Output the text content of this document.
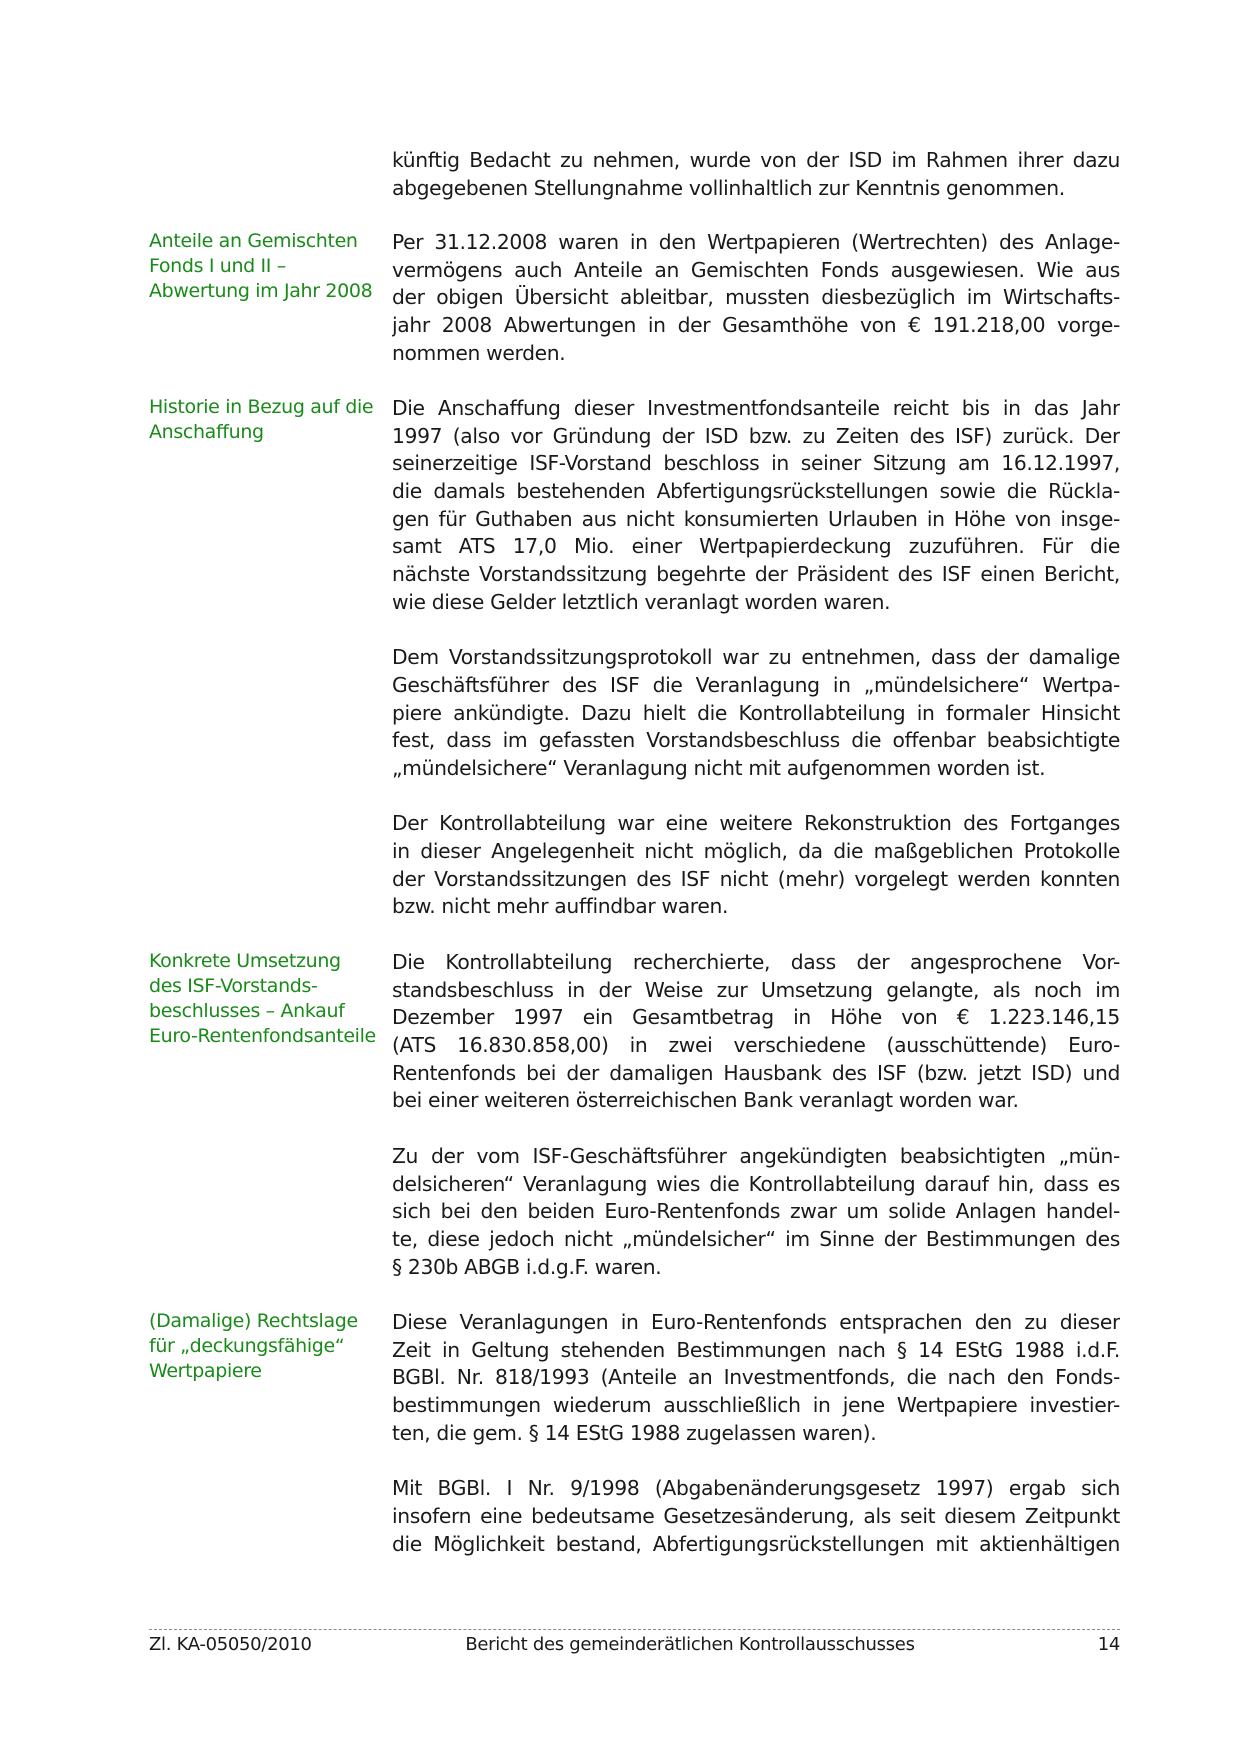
künftig Bedacht zu nehmen, wurde von der ISD im Rahmen ihrer dazu
abgegebenen Stellungnahme vollinhaltlich zur Kenntnis genommen.

Anteile an Gemischten
Fonds I und II –
Abwertung im Jahr 2008

Per 31.12.2008 waren in den Wertpapieren (Wertrechten) des Anlage-
vermögens auch Anteile an Gemischten Fonds ausgewiesen. Wie aus
der obigen Übersicht ableitbar, mussten diesbezüglich im Wirtschafts-
jahr 2008 Abwertungen in der Gesamthöhe von € 191.218,00 vorge-
nommen werden.

Historie in Bezug auf die
Anschaffung

Die Anschaffung dieser Investmentfondsanteile reicht bis in das Jahr
1997 (also vor Gründung der ISD bzw. zu Zeiten des ISF) zurück. Der
seinerzeitige ISF-Vorstand beschloss in seiner Sitzung am 16.12.1997,
die damals bestehenden Abfertigungsrückstellungen sowie die Rückla-
gen für Guthaben aus nicht konsumierten Urlauben in Höhe von insge-
samt ATS 17,0 Mio. einer Wertpapierdeckung zuzuführen. Für die
nächste Vorstandssitzung begehrte der Präsident des ISF einen Bericht,
wie diese Gelder letztlich veranlagt worden waren.

Dem Vorstandssitzungsprotokoll war zu entnehmen, dass der damalige
Geschäftsführer des ISF die Veranlagung in „mündelsichere“ Wertpa-
piere ankündigte. Dazu hielt die Kontrollabteilung in formaler Hinsicht
fest, dass im gefassten Vorstandsbeschluss die offenbar beabsichtigte
„mündelsichere“ Veranlagung nicht mit aufgenommen worden ist.

Der Kontrollabteilung war eine weitere Rekonstruktion des Fortganges
in dieser Angelegenheit nicht möglich, da die maßgeblichen Protokolle
der Vorstandssitzungen des ISF nicht (mehr) vorgelegt werden konnten
bzw. nicht mehr auffindbar waren.

Konkrete Umsetzung
des ISF-Vorstands-
beschlusses – Ankauf
Euro-Rentenfondsanteile

Die Kontrollabteilung recherchierte, dass der angesprochene Vor-
standsbeschluss in der Weise zur Umsetzung gelangte, als noch im
Dezember 1997 ein Gesamtbetrag in Höhe von € 1.223.146,15
(ATS 16.830.858,00) in zwei verschiedene (ausschüttende) Euro-
Rentenfonds bei der damaligen Hausbank des ISF (bzw. jetzt ISD) und
bei einer weiteren österreichischen Bank veranlagt worden war.

Zu der vom ISF-Geschäftsführer angekündigten beabsichtigten „mün-
delsicheren“ Veranlagung wies die Kontrollabteilung darauf hin, dass es
sich bei den beiden Euro-Rentenfonds zwar um solide Anlagen handel-
te, diese jedoch nicht „mündelsicher“ im Sinne der Bestimmungen des
§ 230b ABGB i.d.g.F. waren.

(Damalige) Rechtslage
für „deckungsfähige“
Wertpapiere

Diese Veranlagungen in Euro-Rentenfonds entsprachen den zu dieser
Zeit in Geltung stehenden Bestimmungen nach § 14 EStG 1988 i.d.F.
BGBl. Nr. 818/1993 (Anteile an Investmentfonds, die nach den Fonds-
bestimmungen wiederum ausschließlich in jene Wertpapiere investier-
ten, die gem. § 14 EStG 1988 zugelassen waren).

Mit BGBl. I Nr. 9/1998 (Abgabenänderungsgesetz 1997) ergab sich
insofern eine bedeutsame Gesetzesänderung, als seit diesem Zeitpunkt
die Möglichkeit bestand, Abfertigungsrückstellungen mit aktienhältigen

Zl. KA-05050/2010	Bericht des gemeinderätlichen Kontrollausschusses	14
